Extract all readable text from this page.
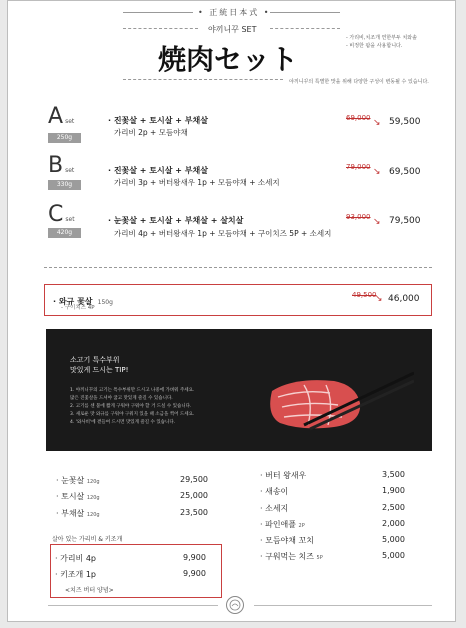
• 正統日本式 •
야끼니꾸 SET
焼肉セット
- 가리비,치조개 연한부두 치와솔
- 비정한 팜을 사용합니다.
야끼니꾸의 특별한 맛을 위해 다양한 구성이 변동될 수 있습니다.
Aset
250g
· 진꽃살 + 토시살 + 부채살
가리비 2p + 모듬야채
69,000 ↘ 59,500
Bset
330g
· 진꽃살 + 토시살 + 부채살
가리비 3p + 버터왕새우 1p + 모듬야채 + 소세지
79,000 ↘ 69,500
Cset
420g
· 눈꽃살 + 토시살 + 부채살 + 살치살
가리비 4p + 버터왕새우 1p + 모듬야채 + 구이치즈 5P + 소세지
93,000 ↘ 79,500
· 와규 꽃살 150g
- 구이치즈 4P
49,500
↘ 46,000
소고기 특수부위
맛있게 드시는 TIP!
1. 야끼니꾸의 고기는 특수부위만 드시고 나중에 가벼워 주세요.
많은 진꽃살을 드셔야 굽고 맛있게 즐길 수 있습니다.
2. 고기를 센 불에 짧게 구워야 구워야 할 거 드실 수 있습니다.
3. 새로운 맛 와규를 구워야 구워지 있을 때 소금을 찍어 드세요.
4. '와사비'에 곁들여 드시면 맛있게 즐길 수 있습니다.
· 눈꽃살 120g	29,500
· 토시살 120g	25,000
· 부채살 120g	23,500
살아 있는 가리비 & 키조개
· 가리비 4p	9,900
· 키조개 1p	9,900
<치즈 버터 양념>
· 버터 왕새우	3,500
· 새송이	1,900
· 소세지	2,500
· 파인애플 2P	2,000
· 모듬야채 꼬치	5,000
· 구워먹는 치즈 5P	5,000
